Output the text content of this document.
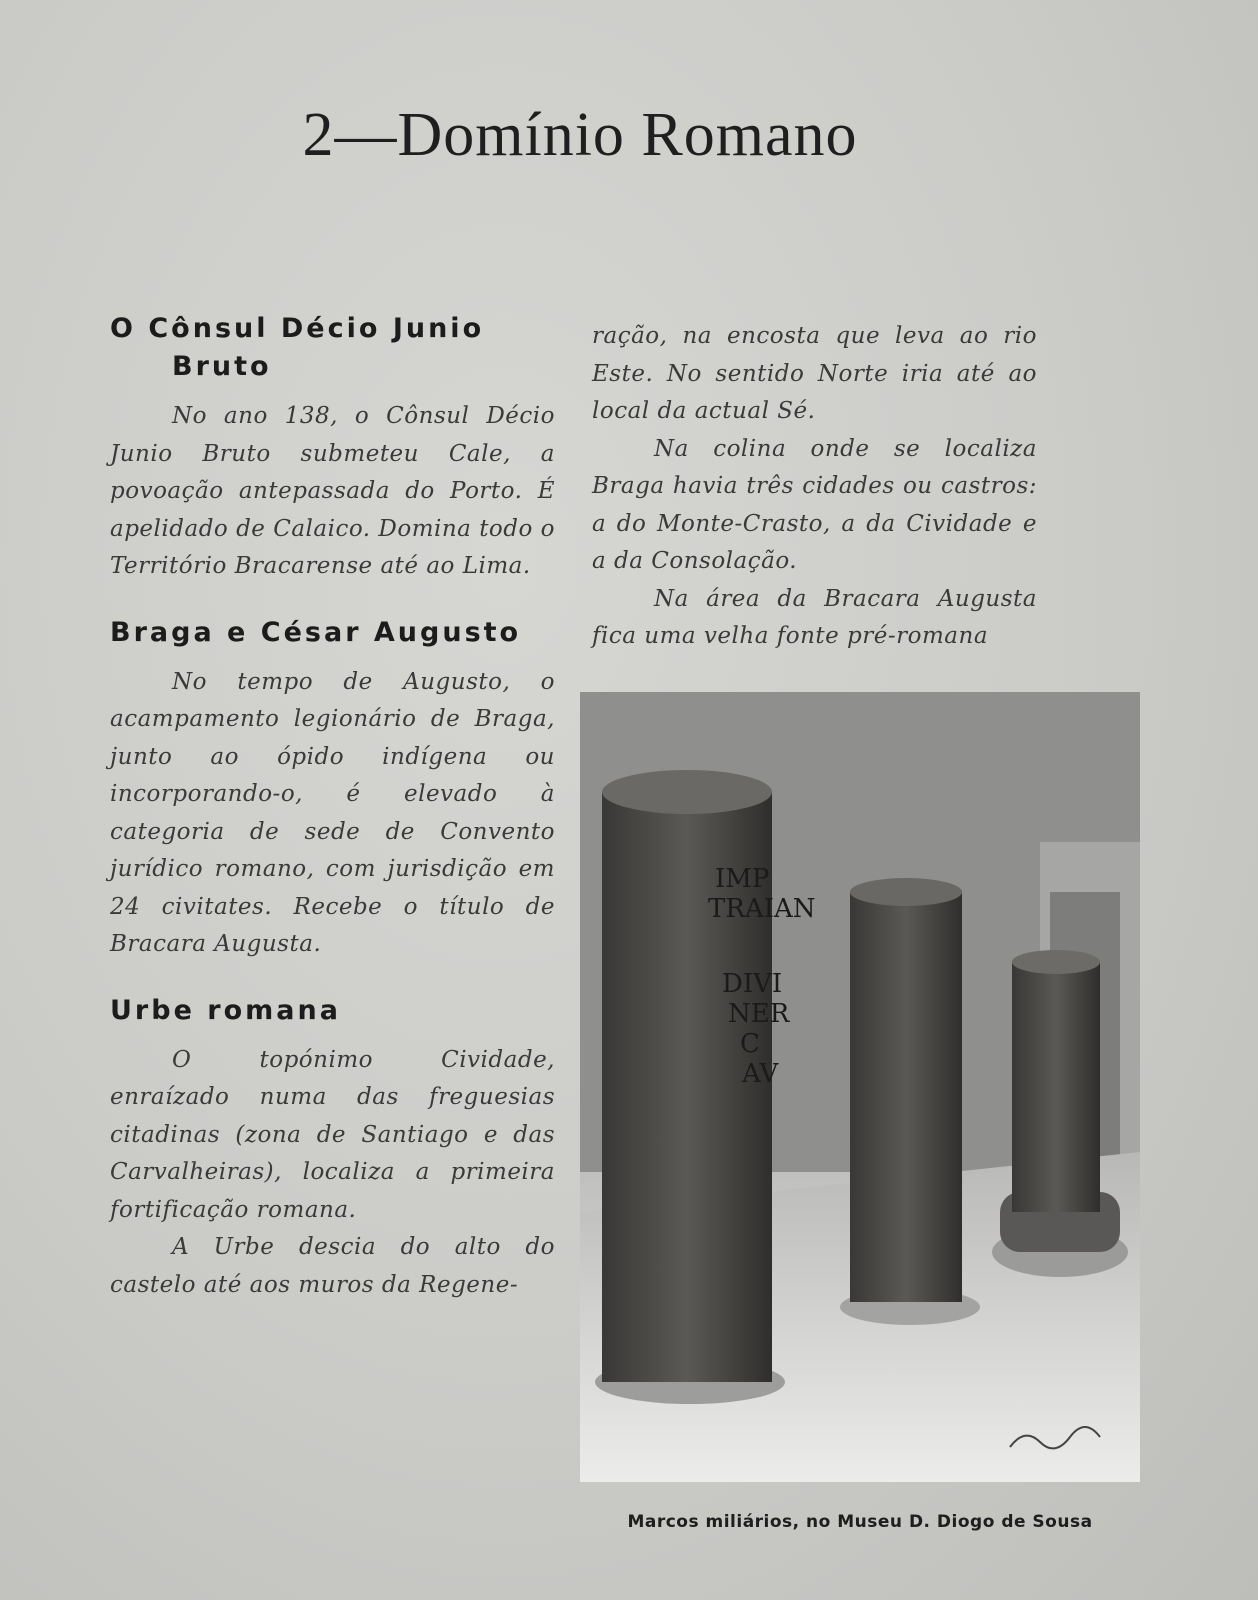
2—Domínio Romano
O Cônsul Décio Junio Bruto

No ano 138, o Cônsul Décio Junio Bruto submeteu Cale, a povoação antepassada do Porto. É apelidado de Calaico. Domina todo o Território Bracarense até ao Lima.

Braga e César Augusto

No tempo de Augusto, o acampamento legionário de Braga, junto ao ópido indígena ou incorporando-o, é elevado à categoria de sede de Convento jurídico romano, com jurisdição em 24 civitates. Recebe o título de Bracara Augusta.

Urbe romana

O topónimo Cividade, enraízado numa das freguesias citadinas (zona de Santiago e das Carvalheiras), localiza a primeira fortificação romana.

A Urbe descia do alto do castelo até aos muros da Regene-

ração, na encosta que leva ao rio Este. No sentido Norte iria até ao local da actual Sé.

Na colina onde se localiza Braga havia três cidades ou castros: a do Monte-Crasto, a da Cividade e a da Consolação.

Na área da Bracara Augusta fica uma velha fonte pré-romana

IMP
TRAIAN
DIVI
NER
C
AV
Marcos miliários, no Museu D. Diogo de Sousa
